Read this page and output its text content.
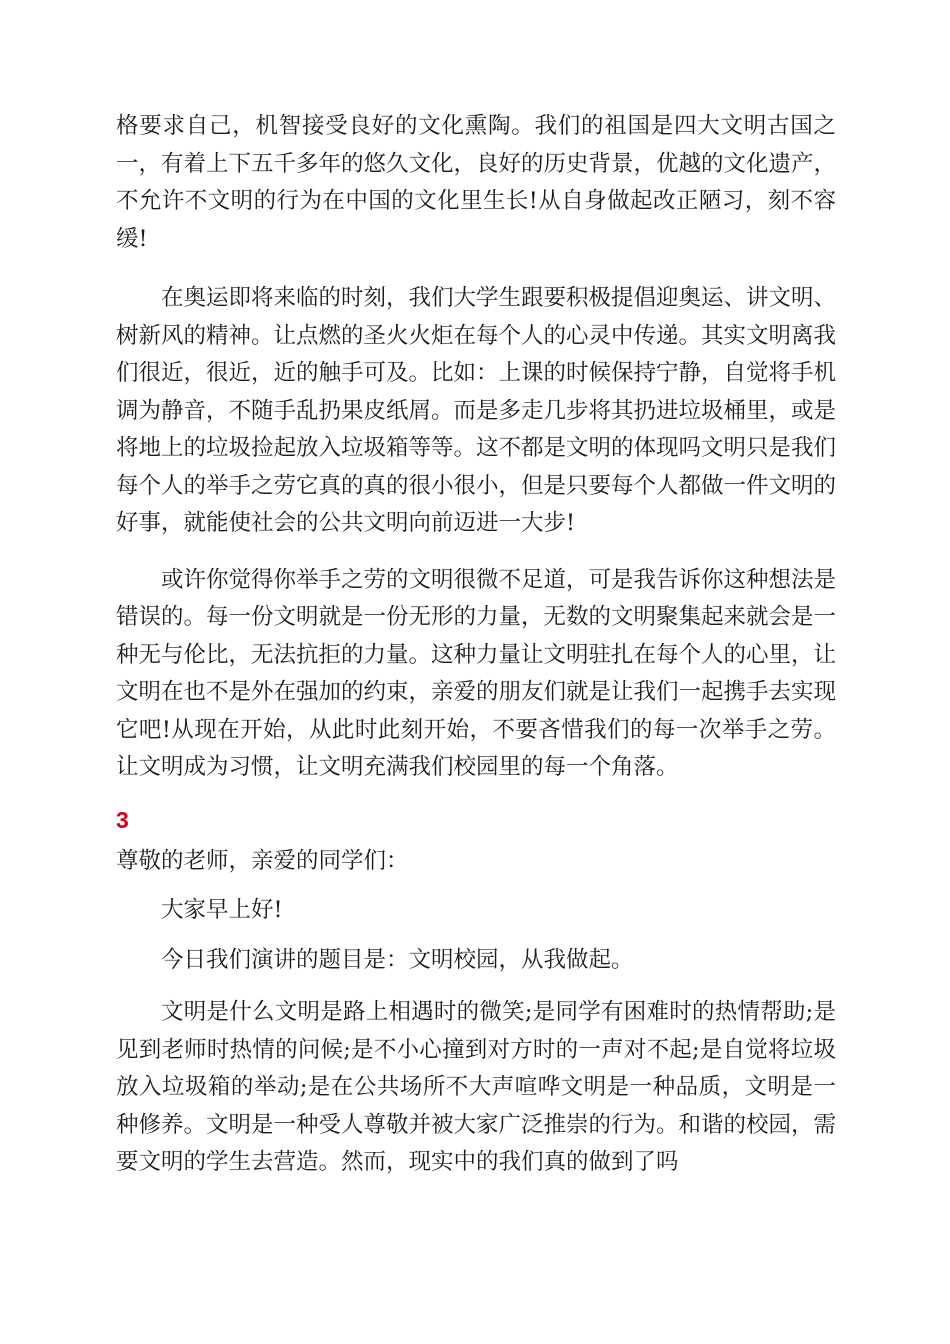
格要求自己，机智接受良好的文化熏陶。我们的祖国是四大文明古国之一，有着上下五千多年的悠久文化，良好的历史背景，优越的文化遗产，不允许不文明的行为在中国的文化里生长!从自身做起改正陋习，刻不容缓!

在奥运即将来临的时刻，我们大学生跟要积极提倡迎奥运、讲文明、树新风的精神。让点燃的圣火火炬在每个人的心灵中传递。其实文明离我们很近，很近，近的触手可及。比如：上课的时候保持宁静，自觉将手机调为静音，不随手乱扔果皮纸屑。而是多走几步将其扔进垃圾桶里，或是将地上的垃圾捡起放入垃圾箱等等。这不都是文明的体现吗文明只是我们每个人的举手之劳它真的真的很小很小，但是只要每个人都做一件文明的好事，就能使社会的公共文明向前迈进一大步!

或许你觉得你举手之劳的文明很微不足道，可是我告诉你这种想法是错误的。每一份文明就是一份无形的力量，无数的文明聚集起来就会是一种无与伦比，无法抗拒的力量。这种力量让文明驻扎在每个人的心里，让文明在也不是外在强加的约束，亲爱的朋友们就是让我们一起携手去实现它吧!从现在开始，从此时此刻开始，不要吝惜我们的每一次举手之劳。让文明成为习惯，让文明充满我们校园里的每一个角落。

3

尊敬的老师，亲爱的同学们：

大家早上好!

今日我们演讲的题目是：文明校园，从我做起。

文明是什么文明是路上相遇时的微笑;是同学有困难时的热情帮助;是见到老师时热情的问候;是不小心撞到对方时的一声对不起;是自觉将垃圾放入垃圾箱的举动;是在公共场所不大声喧哗文明是一种品质，文明是一种修养。文明是一种受人尊敬并被大家广泛推崇的行为。和谐的校园，需要文明的学生去营造。然而，现实中的我们真的做到了吗
